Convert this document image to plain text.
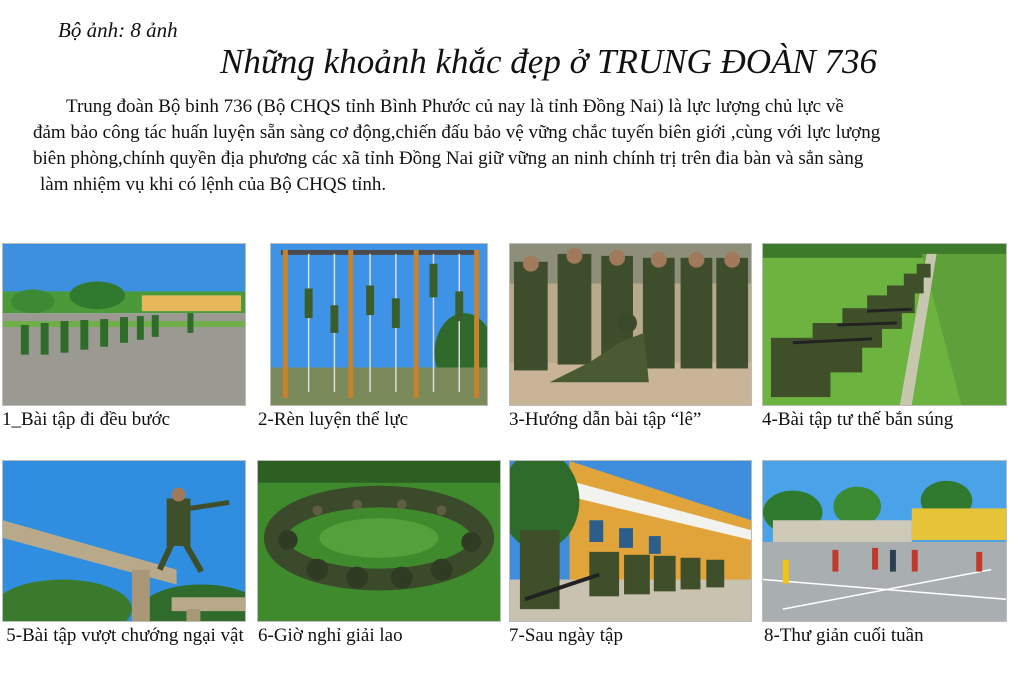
Bộ ảnh: 8 ảnh
Những khoảnh khắc đẹp ở TRUNG ĐOÀN 736
Trung đoàn Bộ binh 736 (Bộ CHQS tỉnh Bình Phước củ nay là tỉnh Đồng Nai) là lực lượng chủ lực về
đảm bảo công tác huấn luyện sẵn sàng cơ động,chiến đấu bảo vệ vững chắc tuyến biên giới ,cùng với lực lượng
biên phòng,chính quyền địa phương các xã tỉnh Đồng Nai giữ vững an ninh chính trị trên đia bàn và sẳn sàng
làm nhiệm vụ khi có lệnh của Bộ CHQS tỉnh.
1_Bài tập đi đều bước	2-Rèn luyện thể lực	3-Hướng dẫn bài tập “lê”	4-Bài tập tư thế bắn súng
5-Bài tập vượt chướng ngại vật 6-Giờ nghỉ giải lao	7-Sau ngày tập	8-Thư giản cuối tuần
